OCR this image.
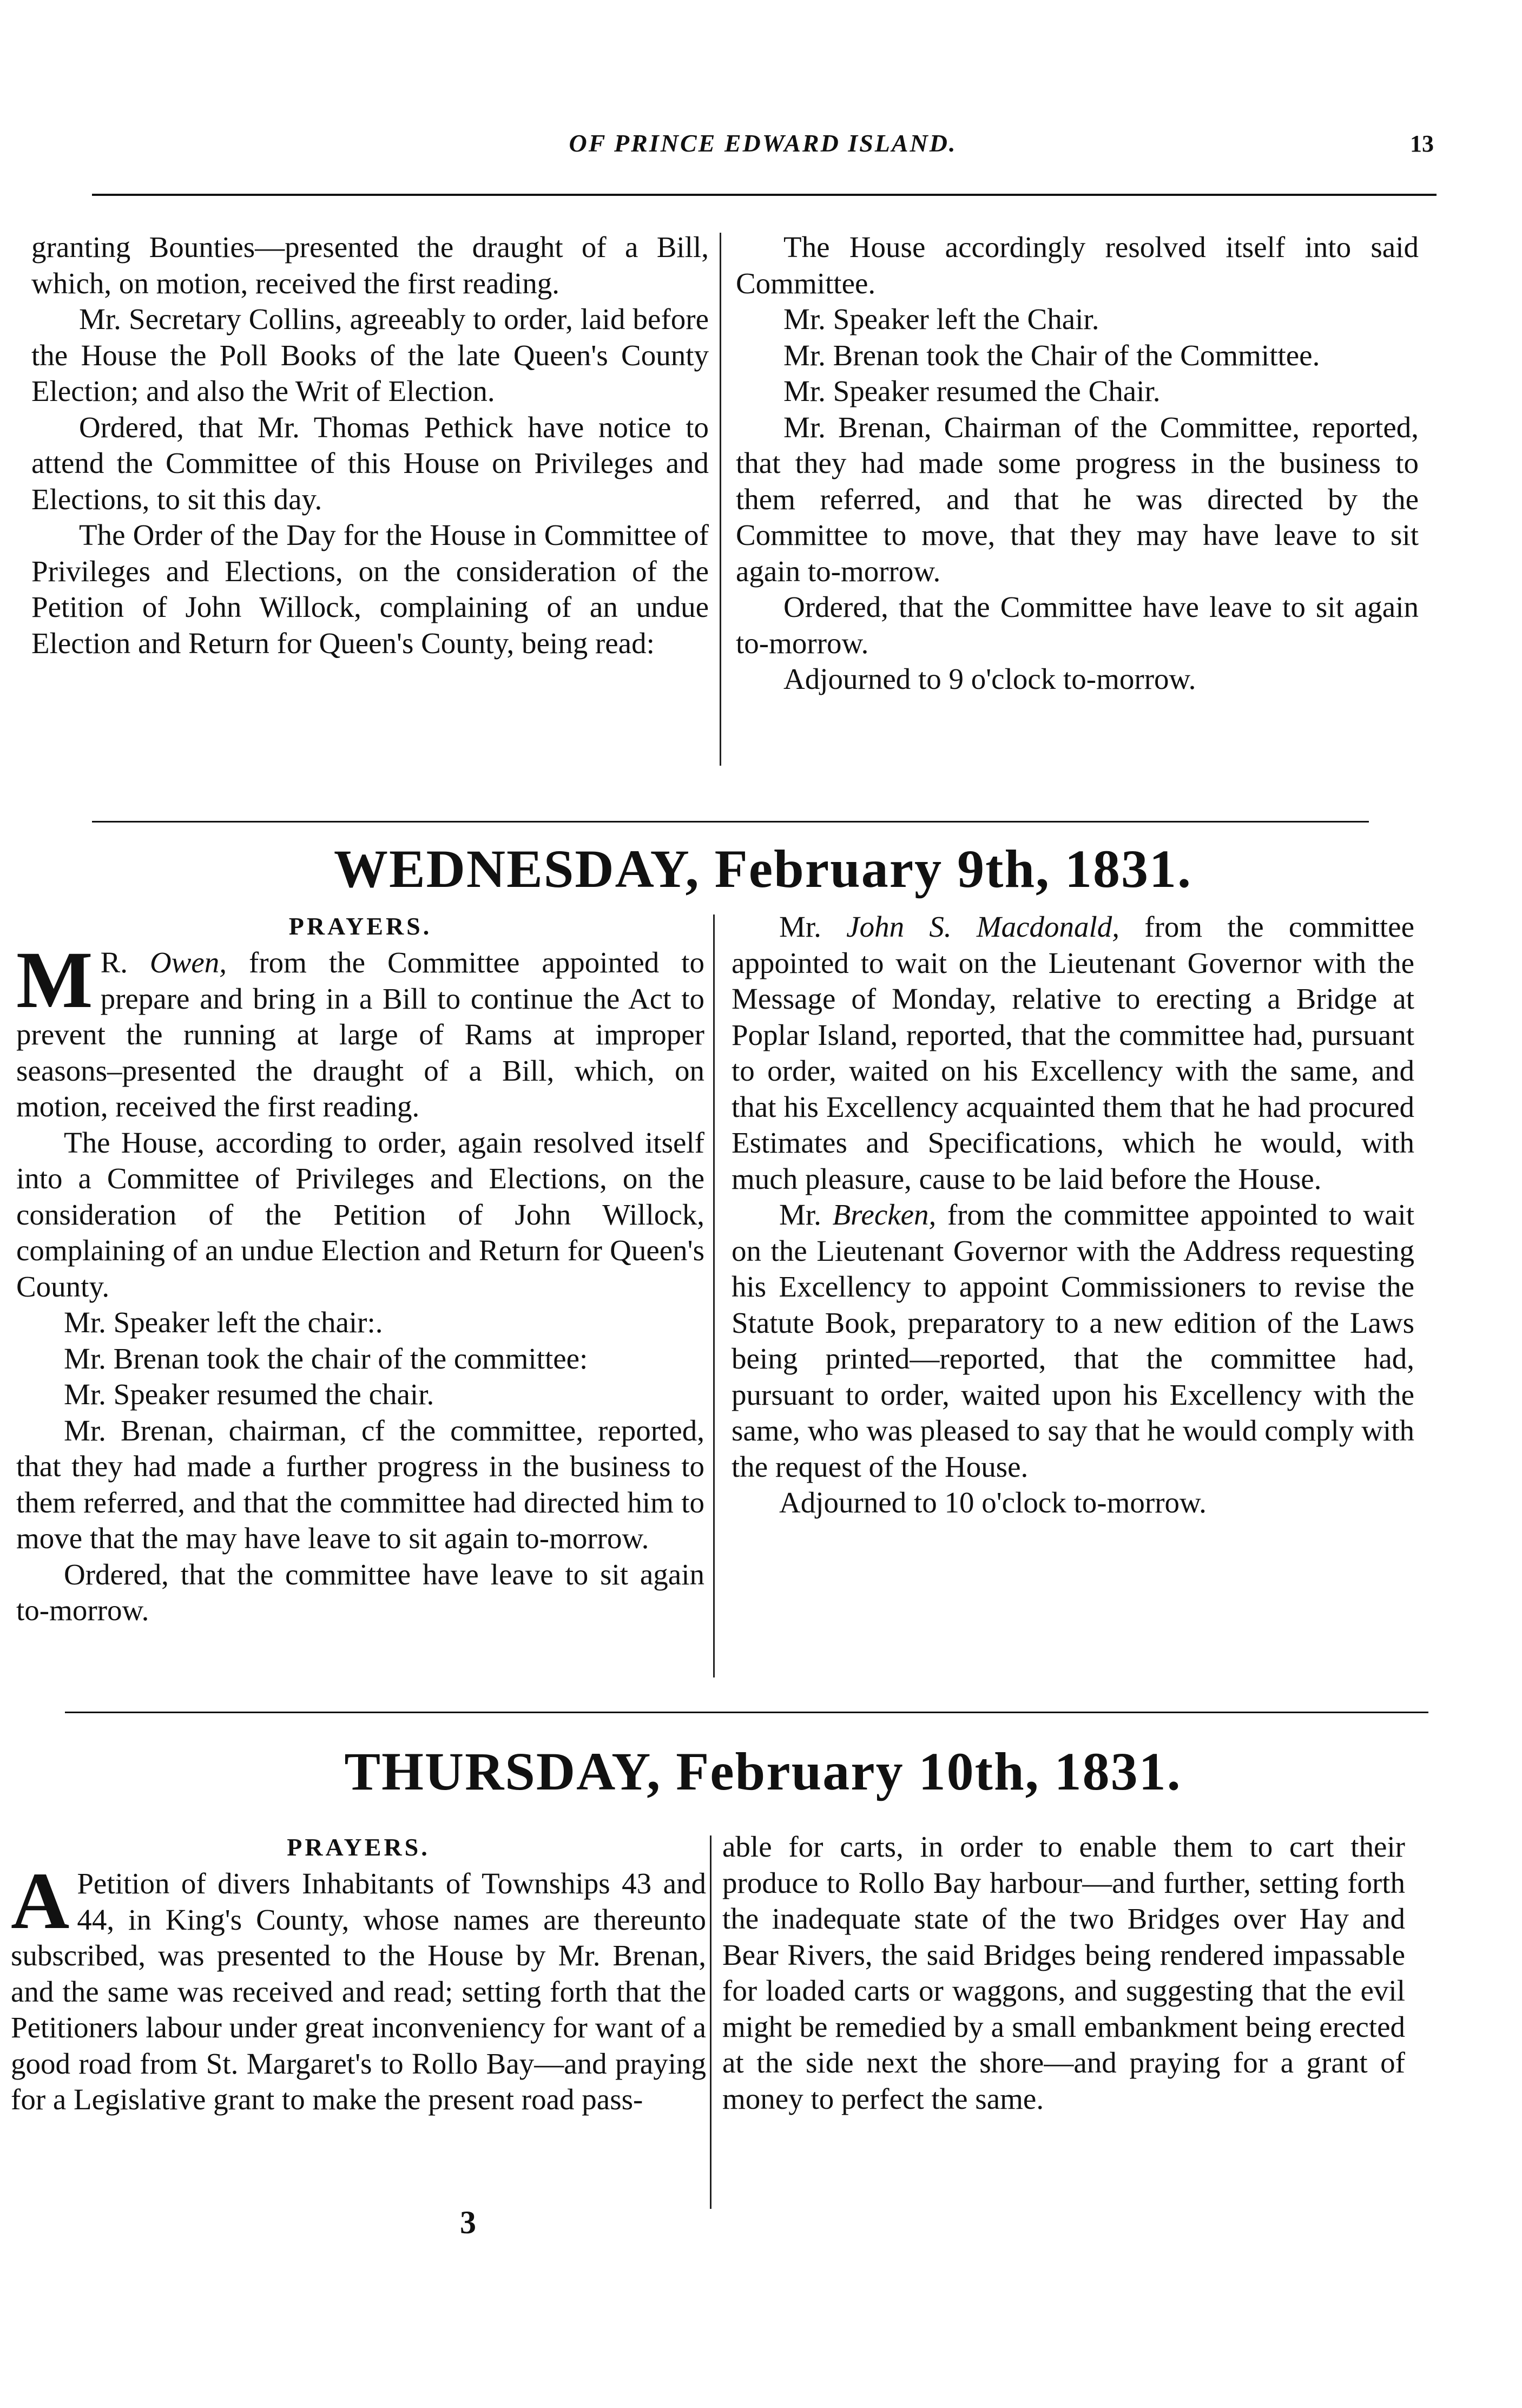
OF PRINCE EDWARD ISLAND.	13

granting Bounties—presented the draught of a Bill, which, on motion, received the first reading.

Mr. Secretary Collins, agreeably to order, laid before the House the Poll Books of the late Queen's County Election; and also the Writ of Election.

Ordered, that Mr. Thomas Pethick have notice to attend the Committee of this House on Privileges and Elections, to sit this day.

The Order of the Day for the House in Committee of Privileges and Elections, on the consideration of the Petition of John Willock, complaining of an undue Election and Return for Queen's County, being read:

The House accordingly resolved itself into said Committee.

Mr. Speaker left the Chair.

Mr. Brenan took the Chair of the Committee.

Mr. Speaker resumed the Chair.

Mr. Brenan, Chairman of the Committee, reported, that they had made some progress in the business to them referred, and that he was directed by the Committee to move, that they may have leave to sit again to-morrow.

Ordered, that the Committee have leave to sit again to-morrow.

Adjourned to 9 o'clock to-morrow.

WEDNESDAY, February 9th, 1831.
PRAYERS.

M R. Owen, from the Committee appointed to prepare and bring in a Bill to continue the Act to prevent the running at large of Rams at improper seasons–presented the draught of a Bill, which, on motion, received the first reading.

The House, according to order, again resolved itself into a Committee of Privileges and Elections, on the consideration of the Petition of John Willock, complaining of an undue Election and Return for Queen's County.

Mr. Speaker left the chair:.

Mr. Brenan took the chair of the committee:

Mr. Speaker resumed the chair.

Mr. Brenan, chairman, cf the committee, reported, that they had made a further progress in the business to them referred, and that the committee had directed him to move that the may have leave to sit again to-morrow.

Ordered, that the committee have leave to sit again to-morrow.

Mr. John S. Macdonald, from the committee appointed to wait on the Lieutenant Governor with the Message of Monday, relative to erecting a Bridge at Poplar Island, reported, that the committee had, pursuant to order, waited on his Excellency with the same, and that his Excellency acquainted them that he had procured Estimates and Specifications, which he would, with much pleasure, cause to be laid before the House.

Mr. Brecken, from the committee appointed to wait on the Lieutenant Governor with the Address requesting his Excellency to appoint Commissioners to revise the Statute Book, preparatory to a new edition of the Laws being printed—reported, that the committee had, pursuant to order, waited upon his Excellency with the same, who was pleased to say that he would comply with the request of the House.

Adjourned to 10 o'clock to-morrow.

THURSDAY, February 10th, 1831.
PRAYERS.

A Petition of divers Inhabitants of Townships 43 and 44, in King's County, whose names are thereunto subscribed, was presented to the House by Mr. Brenan, and the same was received and read; setting forth that the Petitioners labour under great inconveniency for want of a good road from St. Margaret's to Rollo Bay—and praying for a Legislative grant to make the present road pass-

able for carts, in order to enable them to cart their produce to Rollo Bay harbour—and further, setting forth the inadequate state of the two Bridges over Hay and Bear Rivers, the said Bridges being rendered impassable for loaded carts or waggons, and suggesting that the evil might be remedied by a small embankment being erected at the side next the shore—and praying for a grant of money to perfect the same.

3
